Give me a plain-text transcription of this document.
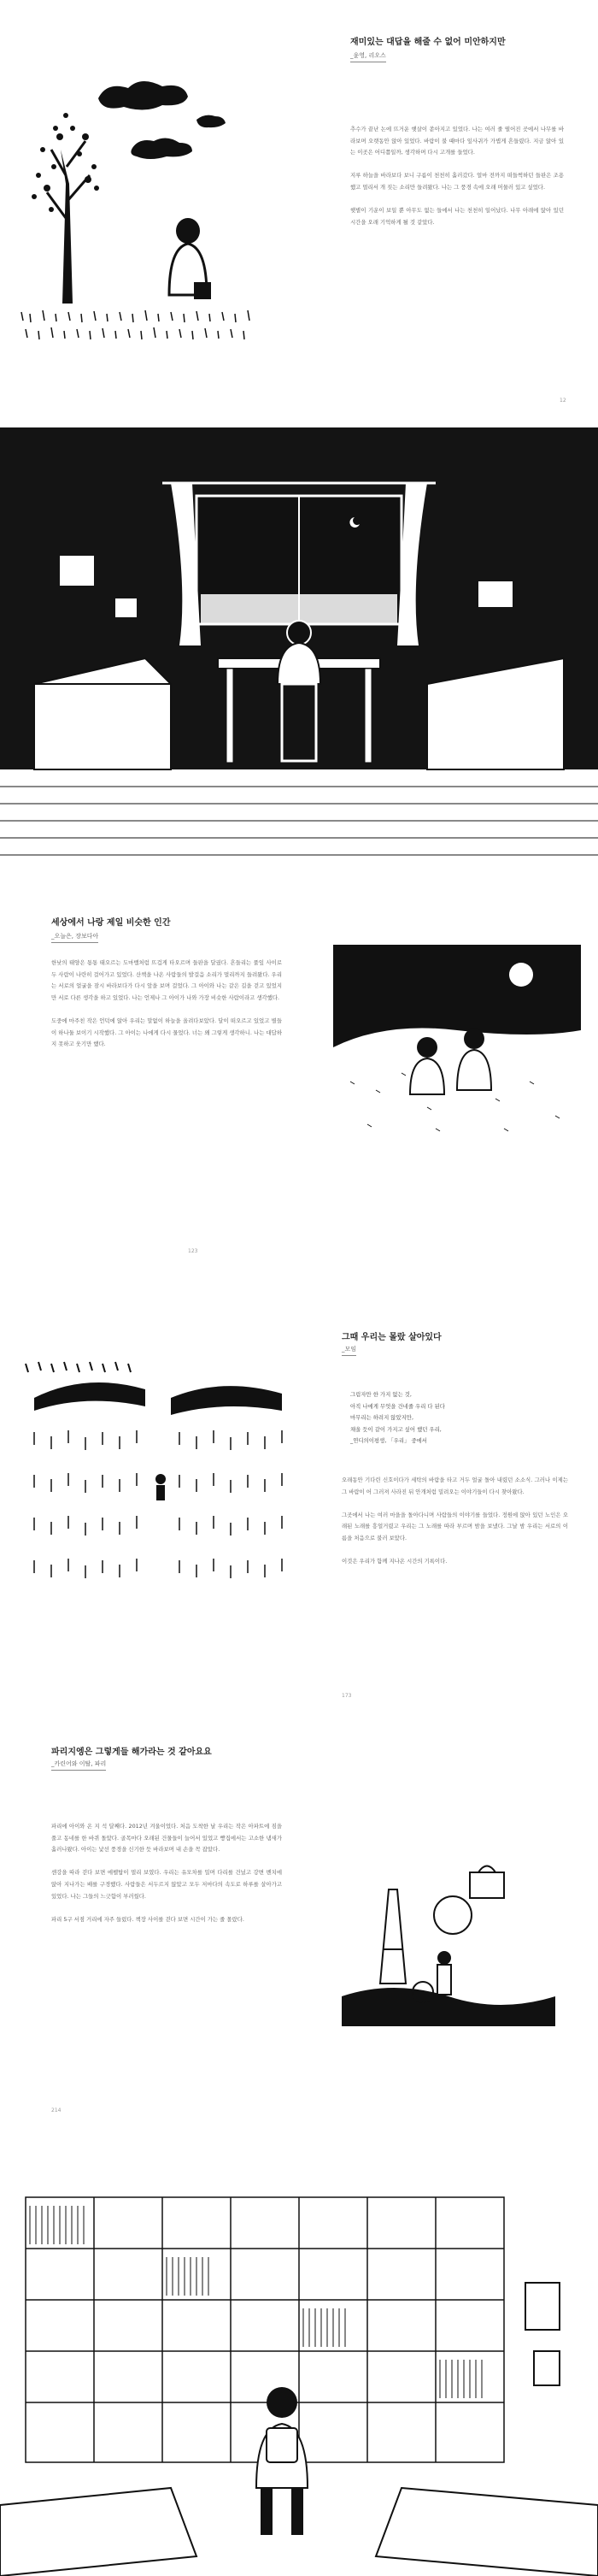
재미있는 대답을 해줄 수 없어 미안하지만
_윤영, 리오스

추수가 끝난 논에 뜨거운 햇살이 쏟아지고 있었다. 나는 여러 줄 떨어진 곳에서 나무를 바라보며 오랫동안 앉아 있었다. 바람이 불 때마다 잎사귀가 가볍게 흔들렸다. 지금 앉아 있는 이곳은 어디쯤일까, 생각하며 다시 고개를 들었다.

지루 하늘을 바라보다 보니 구름이 천천히 흘러갔다. 얼마 전까지 떠들썩하던 들판은 조용했고 멀리서 개 짖는 소리만 들려왔다. 나는 그 풍경 속에 오래 머물러 있고 싶었다.

햇볕이 기운이 보일 뿐 아무도 없는 들에서 나는 천천히 일어났다. 나무 아래에 앉아 있던 시간을 오래 기억하게 될 것 같았다.

12
세상에서 나랑 제일 비슷한 인간
_오늘은, 장보다아

한낮의 태양은 통통 태오르는 도마뱀처럼 뜨겁게 타오르며 들판을 달궜다. 흔들리는 풀잎 사이로 두 사람이 나란히 걸어가고 있었다. 산책을 나온 사람들의 발걸음 소리가 멀리까지 들려왔다. 우리는 서로의 얼굴을 잠시 바라보다가 다시 앞을 보며 걸었다. 그 아이와 나는 같은 길을 걷고 있었지만 서로 다른 생각을 하고 있었다. 나는 언제나 그 아이가 나와 가장 비슷한 사람이라고 생각했다.

도중에 마주친 작은 언덕에 앉아 우리는 말없이 하늘을 올려다보았다. 달이 떠오르고 있었고 별들이 하나둘 보이기 시작했다. 그 아이는 나에게 다시 물었다. 너는 왜 그렇게 생각하니. 나는 대답하지 못하고 웃기만 했다.

123
그때 우리는 몰랐 살아있다
_모임
그림자만 한 가지 없는 것,
아직 나에게 무엇을 건네줄 우리 다 된다
마무리는 하려지 않았지만,
채울 듯이 같이 가지고 싶어 했던 우리,
_연디의이평생, 「우리」 중에서

오래동안 기다린 신호이다가 세탁의 바람을 타고 거두 얼굴 돌아 내렸던 소소식. 그러나 이제는 그 바람이 어 그러져 사라진 뒤 안개처럼 밀려오는 이야기들이 다시 찾아왔다.

그곳에서 나는 여러 마을을 돌아다니며 사람들의 이야기를 들었다. 정원에 앉아 있던 노인은 오래된 노래를 흥얼거렸고 우리는 그 노래를 따라 부르며 밤을 보냈다. 그날 밤 우리는 서로의 이름을 처음으로 불러 보았다.

이것은 우리가 함께 지나온 시간의 기록이다.

173
파리지엥은 그렇게들 해가라는 것 같아요요
_카린어와 이탈, 파리

파리에 아이와 온 지 석 달째다. 2012년 겨울이었다. 처음 도착한 날 우리는 작은 아파트에 짐을 풀고 동네를 한 바퀴 돌았다. 골목마다 오래된 건물들이 늘어서 있었고 빵집에서는 고소한 냄새가 흘러나왔다. 아이는 낯선 풍경을 신기한 듯 바라보며 내 손을 꼭 잡았다.

센강을 따라 걷다 보면 에펠탑이 멀리 보였다. 우리는 유모차를 밀며 다리를 건넜고 강변 벤치에 앉아 지나가는 배를 구경했다. 사람들은 서두르지 않았고 모두 저마다의 속도로 하루를 살아가고 있었다. 나는 그들의 느긋함이 부러웠다.

파리 5구 서점 거리에 자주 들렀다. 책장 사이를 걷다 보면 시간이 가는 줄 몰랐다.

214
